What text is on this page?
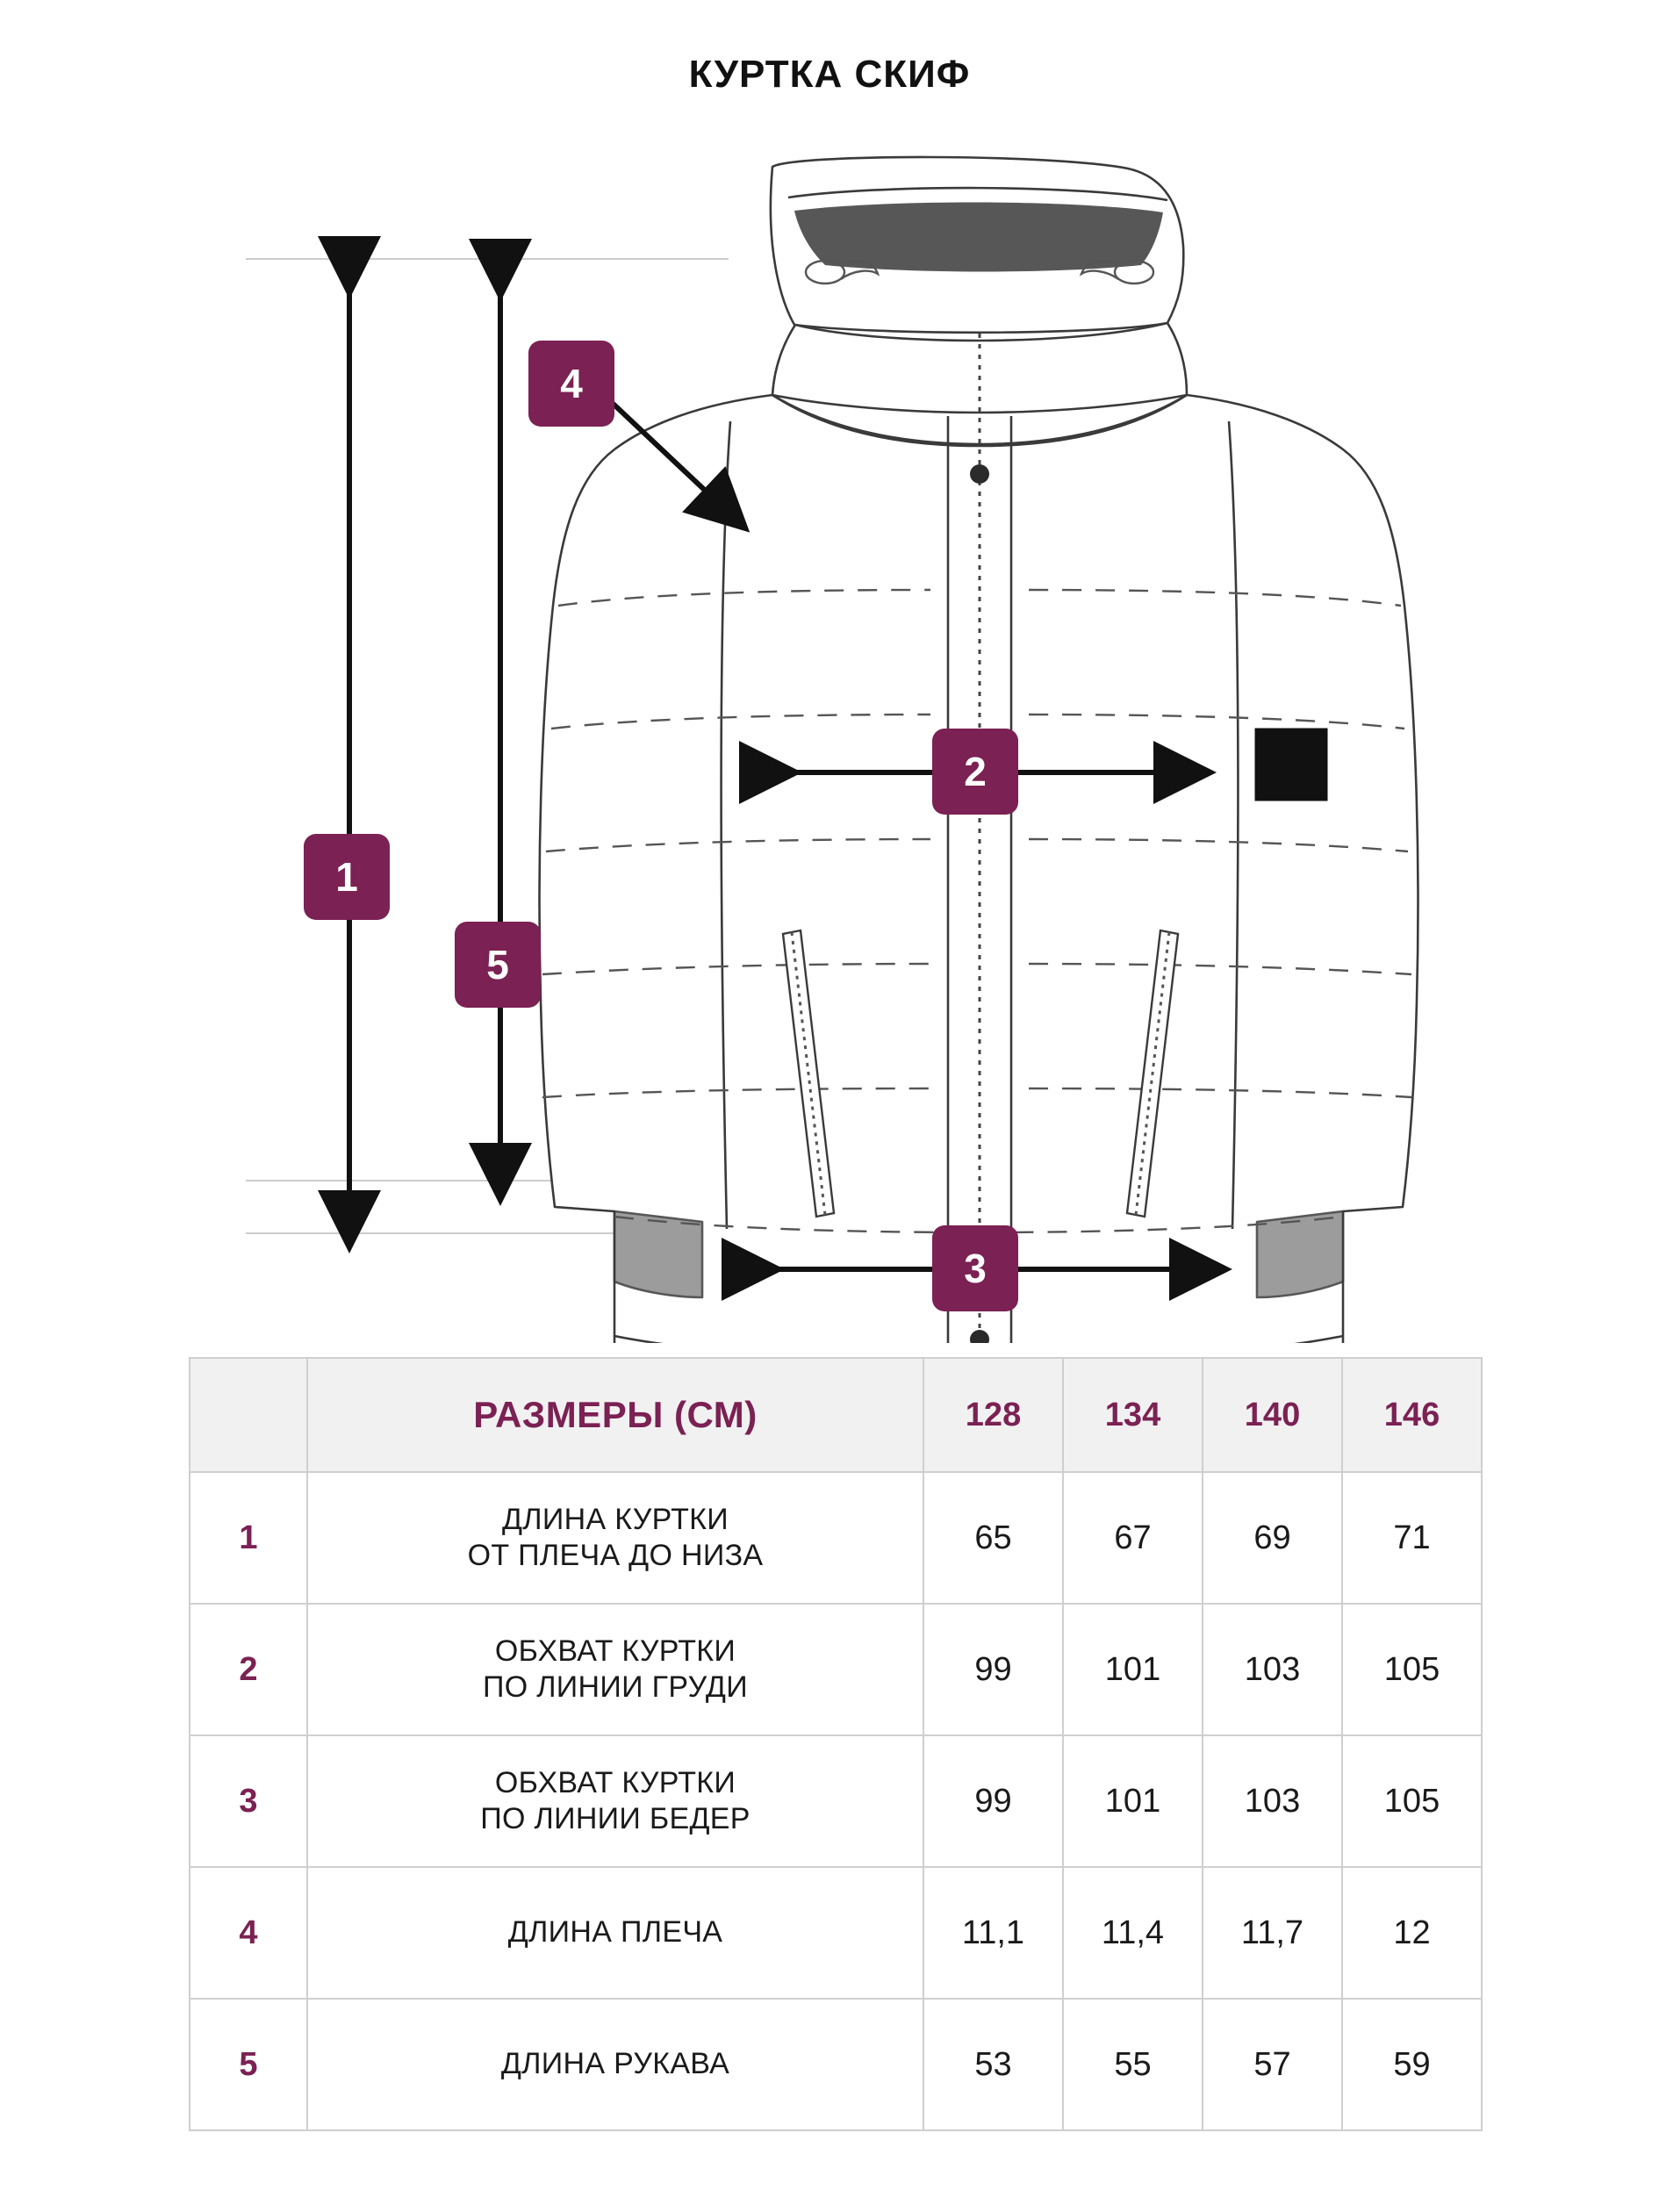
КУРТКА СКИФ
1
2
3
4
5
	РАЗМЕРЫ (СМ)	128	134	140	146
1	ДЛИНА КУРТКИ
ОТ ПЛЕЧА ДО НИЗА	65	67	69	71
2	ОБХВАТ КУРТКИ
ПО ЛИНИИ ГРУДИ	99	101	103	105
3	ОБХВАТ КУРТКИ
ПО ЛИНИИ БЕДЕР	99	101	103	105
4	ДЛИНА ПЛЕЧА	11,1	11,4	11,7	12
5	ДЛИНА РУКАВА	53	55	57	59
